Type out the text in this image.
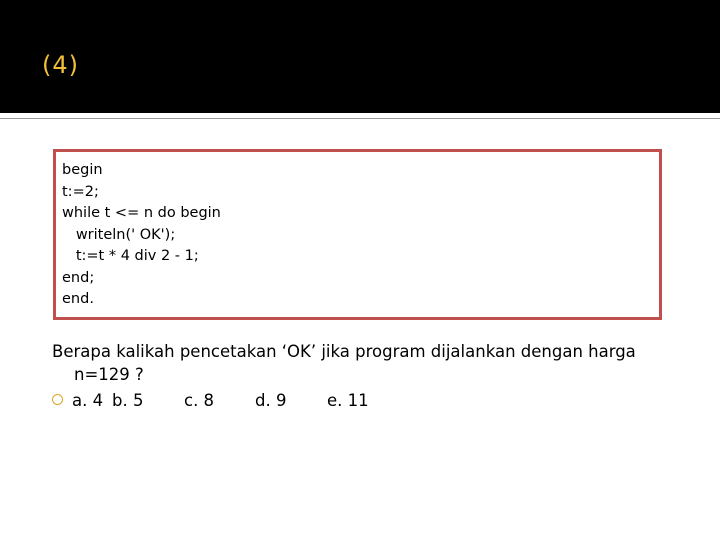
(4)
begin
t:=2;
while t <= n do begin
writeln(' OK');
t:=t * 4 div 2 - 1;
end;
end.
Berapa kalikah pencetakan ‘OK’ jika program dijalankan dengan harga
n=129 ?
a. 4 b. 5 c. 8 d. 9 e. 11
